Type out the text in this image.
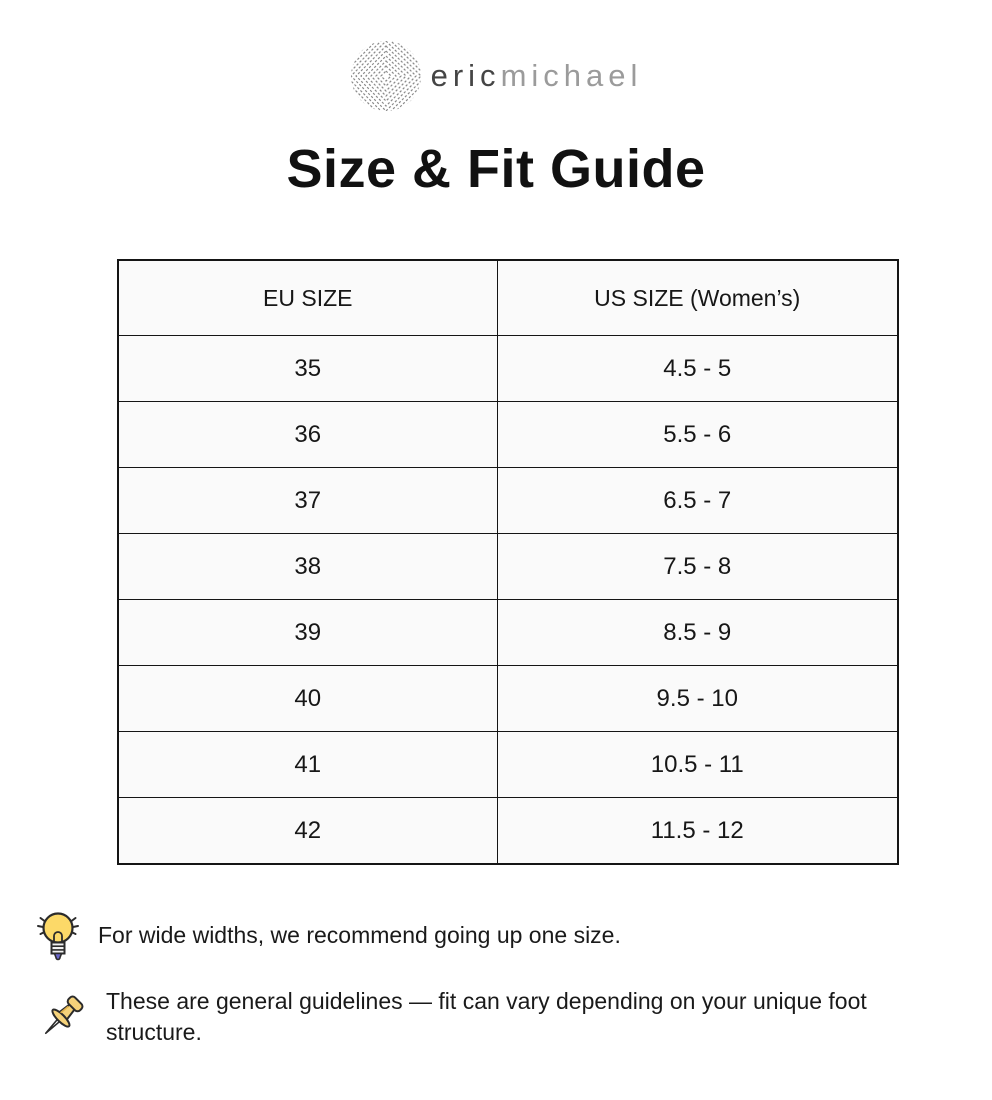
ericmichael
Size & Fit Guide
EU SIZE	US SIZE (Women’s)
35	4.5 - 5
36	5.5 - 6
37	6.5 - 7
38	7.5 - 8
39	8.5 - 9
40	9.5 - 10
41	10.5 - 11
42	11.5 - 12
For wide widths, we recommend going up one size.
These are general guidelines — fit can vary depending on your unique foot structure.
